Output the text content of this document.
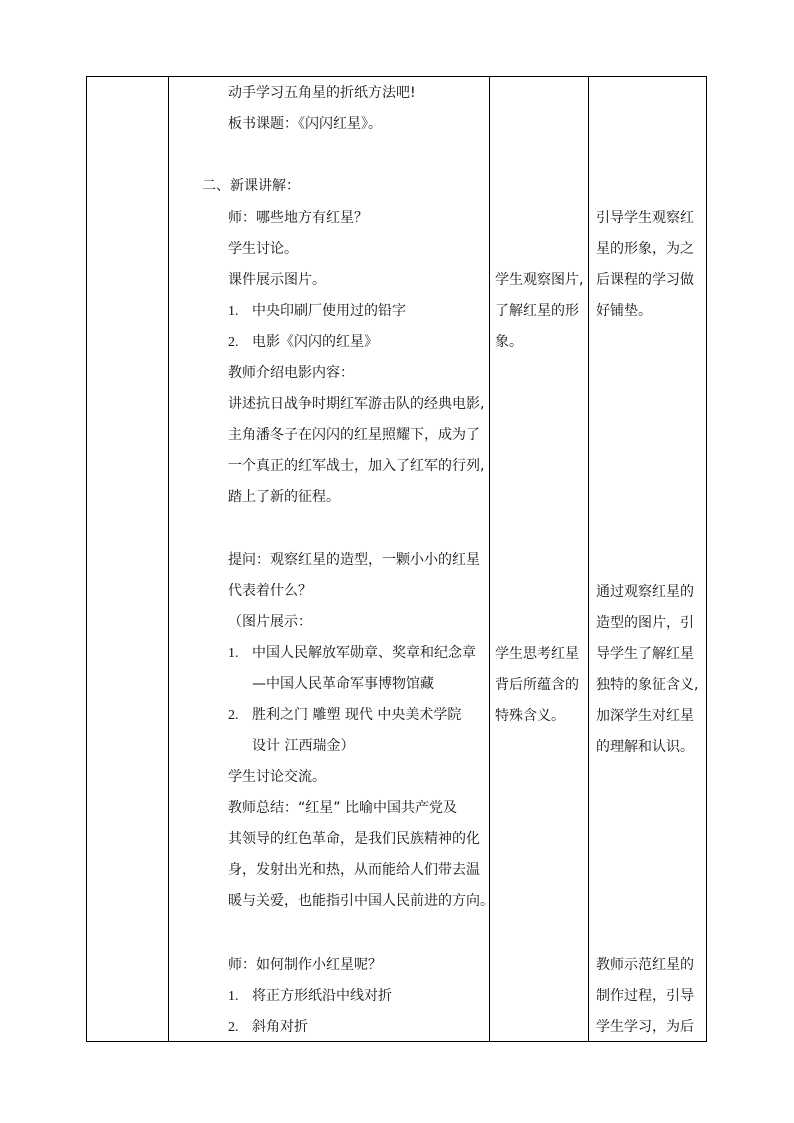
动手学习五角星的折纸方法吧!
板书课题：《闪闪红星》。
二、新课讲解：
师：哪些地方有红星？
学生讨论。
课件展示图片。
1. 中央印刷厂使用过的铅字
2. 电影《闪闪的红星》
教师介绍电影内容：
讲述抗日战争时期红军游击队的经典电影,
主角潘冬子在闪闪的红星照耀下，成为了
一个真正的红军战士，加入了红军的行列,
踏上了新的征程。
学生观察图片,
了解红星的形
象。
引导学生观察红
星的形象，为之
后课程的学习做
好铺垫。
提问：观察红星的造型，一颗小小的红星
代表着什么？
（图片展示：
1. 中国人民解放军勋章、奖章和纪念章
—中国人民革命军事博物馆藏
2. 胜利之门 雕塑 现代 中央美术学院
设计 江西瑞金）
学生讨论交流。
教师总结：“红星” 比喻中国共产党及
其领导的红色革命，是我们民族精神的化
身，发射出光和热，从而能给人们带去温
暖与关爱，也能指引中国人民前进的方向。
学生思考红星
背后所蕴含的
特殊含义。
通过观察红星的
造型的图片，引
导学生了解红星
独特的象征含义,
加深学生对红星
的理解和认识。
师：如何制作小红星呢？
1. 将正方形纸沿中线对折
2. 斜角对折
教师示范红星的
制作过程，引导
学生学习，为后
